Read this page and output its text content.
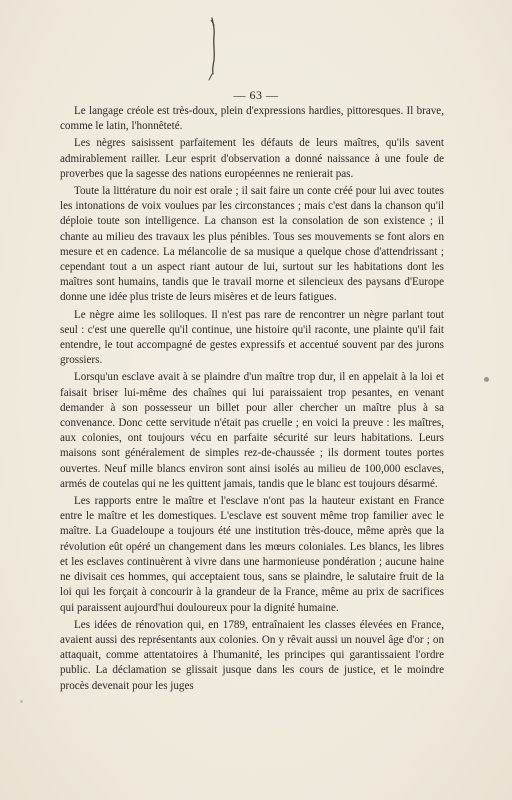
— 63 —

Le langage créole est très-doux, plein d'expressions hardies, pittoresques. Il brave, comme le latin, l'honnêteté.

Les nègres saisissent parfaitement les défauts de leurs maîtres, qu'ils savent admirablement railler. Leur esprit d'observation a donné naissance à une foule de proverbes que la sagesse des nations européennes ne renierait pas.

Toute la littérature du noir est orale ; il sait faire un conte créé pour lui avec toutes les intonations de voix voulues par les circonstances ; mais c'est dans la chanson qu'il déploie toute son intelligence. La chanson est la consolation de son existence ; il chante au milieu des travaux les plus pénibles. Tous ses mouvements se font alors en mesure et en cadence. La mélancolie de sa musique a quelque chose d'attendrissant ; cependant tout a un aspect riant autour de lui, surtout sur les habitations dont les maîtres sont humains, tandis que le travail morne et silencieux des paysans d'Europe donne une idée plus triste de leurs misères et de leurs fatigues.

Le nègre aime les soliloques. Il n'est pas rare de rencontrer un nègre parlant tout seul : c'est une querelle qu'il continue, une histoire qu'il raconte, une plainte qu'il fait entendre, le tout accompagné de gestes expressifs et accentué souvent par des jurons grossiers.

Lorsqu'un esclave avait à se plaindre d'un maître trop dur, il en appelait à la loi et faisait briser lui-même des chaînes qui lui paraissaient trop pesantes, en venant demander à son possesseur un billet pour aller chercher un maître plus à sa convenance. Donc cette servitude n'était pas cruelle ; en voici la preuve : les maîtres, aux colonies, ont toujours vécu en parfaite sécurité sur leurs habitations. Leurs maisons sont généralement de simples rez-de-chaussée ; ils dorment toutes portes ouvertes. Neuf mille blancs environ sont ainsi isolés au milieu de 100,000 esclaves, armés de coutelas qui ne les quittent jamais, tandis que le blanc est toujours désarmé.

Les rapports entre le maître et l'esclave n'ont pas la hauteur existant en France entre le maître et les domestiques. L'esclave est souvent même trop familier avec le maître. La Guadeloupe a toujours été une institution très-douce, même après que la révolution eût opéré un changement dans les mœurs coloniales. Les blancs, les libres et les esclaves continuèrent à vivre dans une harmonieuse pondération ; aucune haine ne divisait ces hommes, qui acceptaient tous, sans se plaindre, le salutaire fruit de la loi qui les forçait à concourir à la grandeur de la France, même au prix de sacrifices qui paraissent aujourd'hui douloureux pour la dignité humaine.

Les idées de rénovation qui, en 1789, entraînaient les classes élevées en France, avaient aussi des représentants aux colonies. On y rêvait aussi un nouvel âge d'or ; on attaquait, comme attentatoires à l'humanité, les principes qui garantissaient l'ordre public. La déclamation se glissait jusque dans les cours de justice, et le moindre procès devenait pour les juges
